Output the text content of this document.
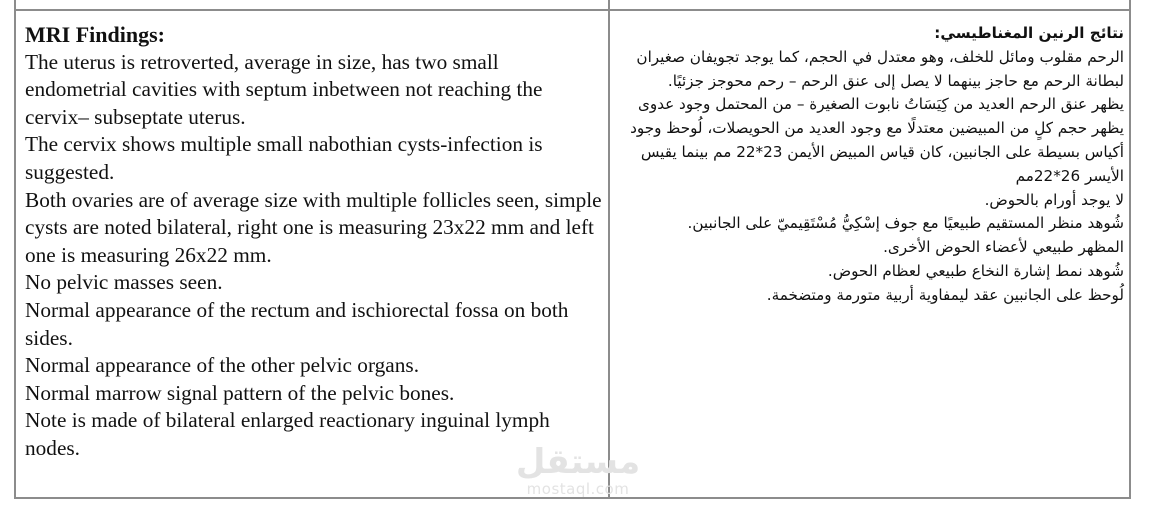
MRI Findings:

The uterus is retroverted, average in size, has two small endometrial cavities with septum inbetween not reaching the cervix– subseptate uterus.

The cervix shows multiple small nabothian cysts-infection is suggested.

Both ovaries are of average size with multiple follicles seen, simple cysts are noted bilateral, right one is measuring 23x22 mm and left one is measuring 26x22 mm.

No pelvic masses seen.

Normal appearance of the rectum and ischiorectal fossa on both sides.

Normal appearance of the other pelvic organs.

Normal marrow signal pattern of the pelvic bones.

Note is made of bilateral enlarged reactionary inguinal lymph nodes.

نتائج الرنين المغناطيسي:

الرحم مقلوب ومائل للخلف، وهو معتدل في الحجم، كما يوجد تجويفان صغيران لبطانة الرحم مع حاجز بينهما لا يصل إلى عنق الرحم – رحم محوجز جزئيًا.

يظهر عنق الرحم العديد من كِيَسَاتُ نابوت الصغيرة – من المحتمل وجود عدوى

يظهر حجم كلٍ من المبيضين معتدلًا مع وجود العديد من الحويصلات، لُوحظ وجود أكياس بسيطة على الجانبين، كان قياس المبيض الأيمن 23*22 مم بينما يقيس الأيسر 26*22مم

لا يوجد أورام بالحوض.

شُوهد منظر المستقيم طبيعيًا مع جوف إسْكِيُّ مُسْتَقِيميّ على الجانبين.

المظهر طبيعي لأعضاء الحوض الأخرى.

شُوهد نمط إشارة النخاع طبيعي لعظام الحوض.

لُوحظ على الجانبين عقد ليمفاوية أربية متورمة ومتضخمة.

مستقل
mostaql.com
